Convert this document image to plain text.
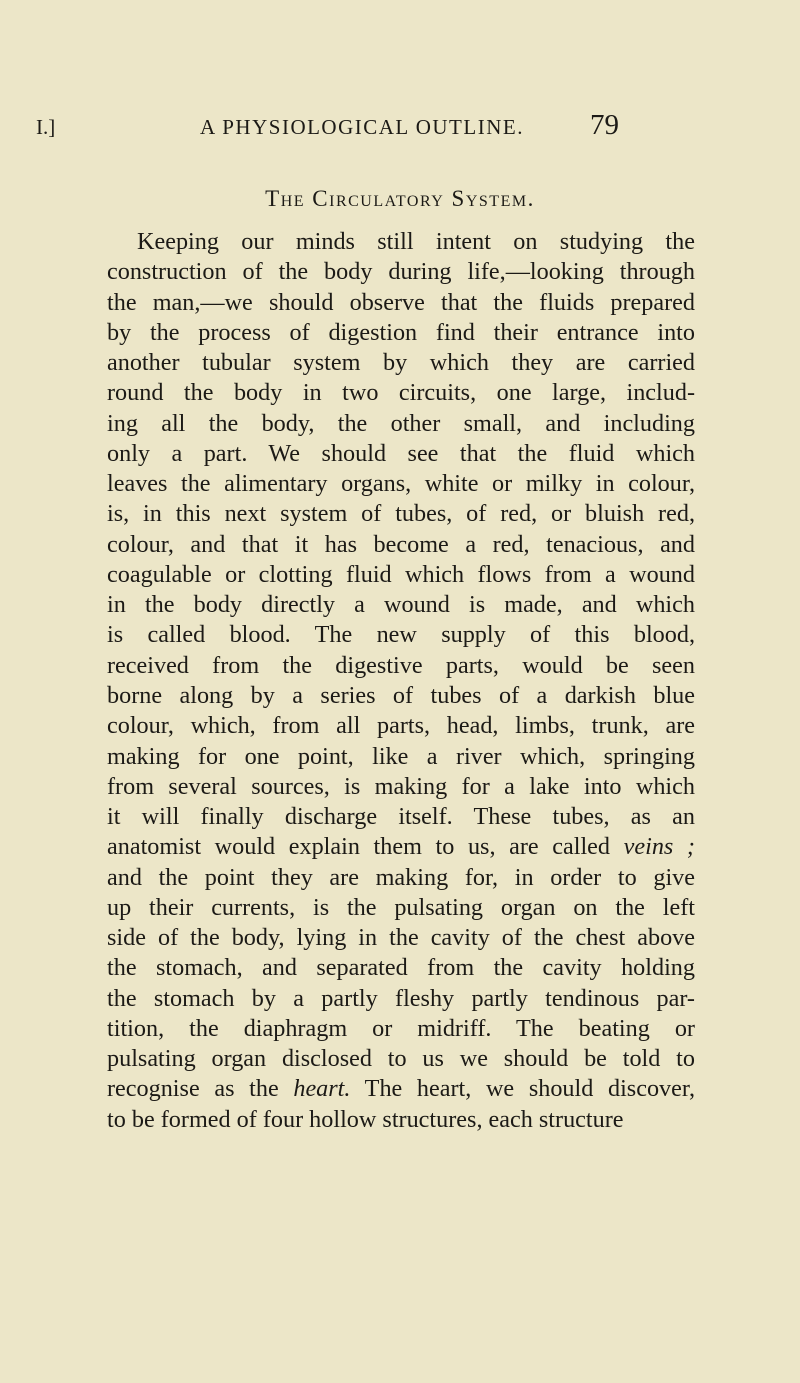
I.]	A PHYSIOLOGICAL OUTLINE. 79
The Circulatory System.

Keeping our minds still intent on studying the
construction of the body during life,—looking through
the man,—we should observe that the fluids prepared
by the process of digestion find their entrance into
another tubular system by which they are carried
round the body in two circuits, one large, includ-
ing all the body, the other small, and including
only a part. We should see that the fluid which
leaves the alimentary organs, white or milky in colour,
is, in this next system of tubes, of red, or bluish red,
colour, and that it has become a red, tenacious, and
coagulable or clotting fluid which flows from a wound
in the body directly a wound is made, and which
is called blood. The new supply of this blood,
received from the digestive parts, would be seen
borne along by a series of tubes of a darkish blue
colour, which, from all parts, head, limbs, trunk, are
making for one point, like a river which, springing
from several sources, is making for a lake into which
it will finally discharge itself. These tubes, as an
anatomist would explain them to us, are called veins ;
and the point they are making for, in order to give
up their currents, is the pulsating organ on the left
side of the body, lying in the cavity of the chest above
the stomach, and separated from the cavity holding
the stomach by a partly fleshy partly tendinous par-
tition, the diaphragm or midriff. The beating or
pulsating organ disclosed to us we should be told to
recognise as the heart. The heart, we should discover,
to be formed of four hollow structures, each structure
